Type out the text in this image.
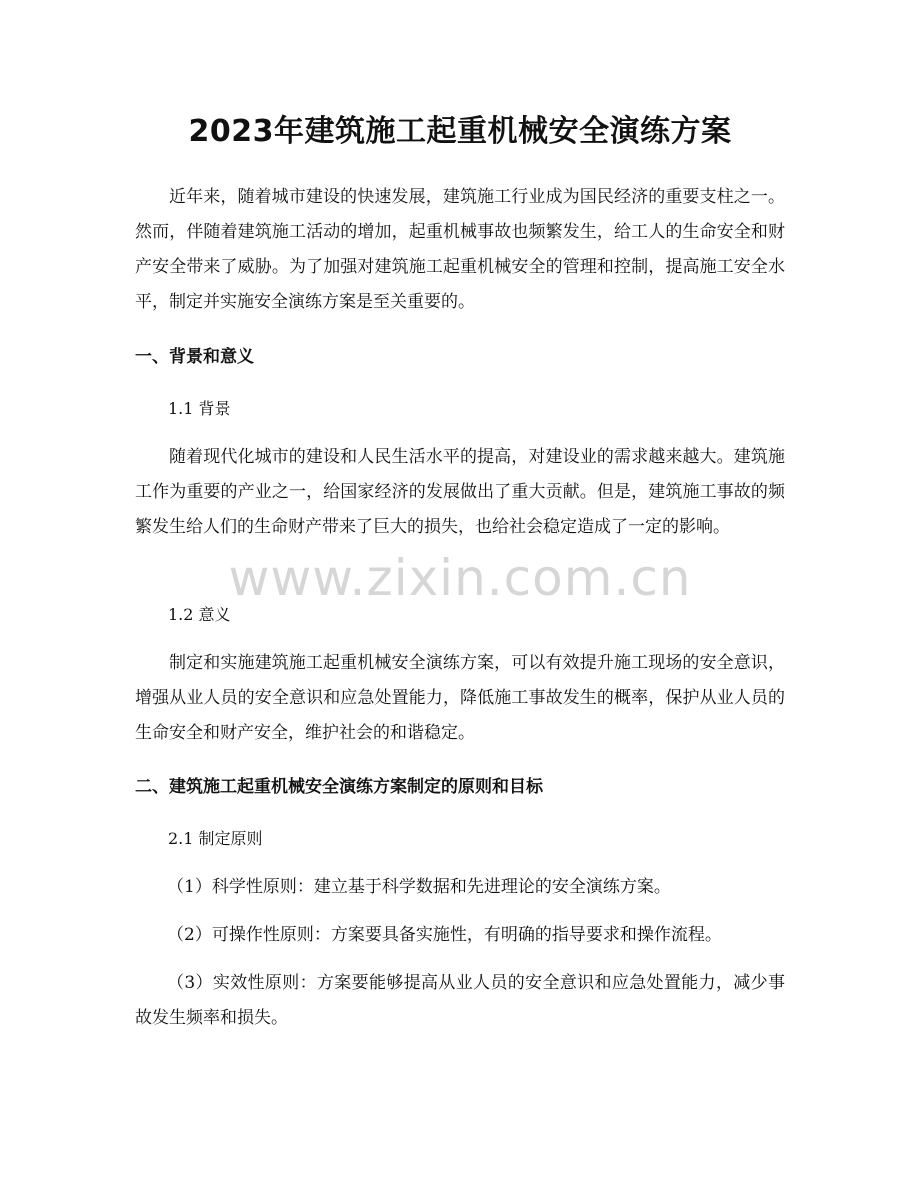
2023年建筑施工起重机械安全演练方案

近年来，随着城市建设的快速发展，建筑施工行业成为国民经济的重要支柱之一。然而，伴随着建筑施工活动的增加，起重机械事故也频繁发生，给工人的生命安全和财产安全带来了威胁。为了加强对建筑施工起重机械安全的管理和控制，提高施工安全水平，制定并实施安全演练方案是至关重要的。

一、背景和意义
1.1 背景

随着现代化城市的建设和人民生活水平的提高，对建设业的需求越来越大。建筑施工作为重要的产业之一，给国家经济的发展做出了重大贡献。但是，建筑施工事故的频繁发生给人们的生命财产带来了巨大的损失，也给社会稳定造成了一定的影响。

1.2 意义

制定和实施建筑施工起重机械安全演练方案，可以有效提升施工现场的安全意识，增强从业人员的安全意识和应急处置能力，降低施工事故发生的概率，保护从业人员的生命安全和财产安全，维护社会的和谐稳定。

二、建筑施工起重机械安全演练方案制定的原则和目标
2.1 制定原则

（1）科学性原则：建立基于科学数据和先进理论的安全演练方案。

（2）可操作性原则：方案要具备实施性，有明确的指导要求和操作流程。

（3）实效性原则：方案要能够提高从业人员的安全意识和应急处置能力，减少事故发生频率和损失。

www.zixin.com.cn
